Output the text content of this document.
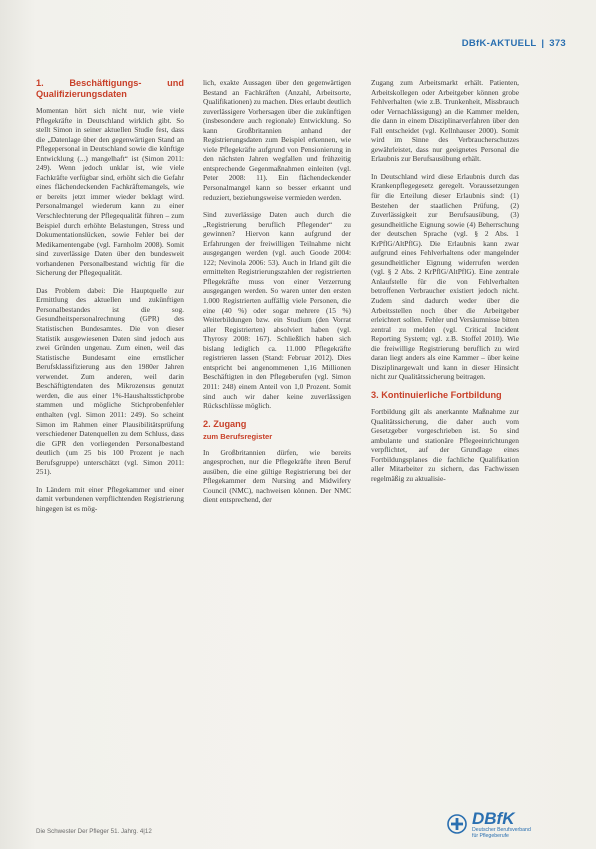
DBfK-AKTUELL | 373
1. Beschäftigungs- und Qualifizierungsdaten

Momentan hört sich nicht nur, wie viele Pflegekräfte in Deutschland wirklich gibt. So stellt Simon in seiner aktuellen Studie fest, dass die „Datenlage über den gegenwärtigen Stand an Pflegepersonal in Deutschland sowie die künftige Entwicklung (...) mangelhaft“ ist (Simon 2011: 249). Wenn jedoch unklar ist, wie viele Fachkräfte verfügbar sind, erhöht sich die Gefahr eines flächendeckenden Fachkräftemangels, wie er bereits jetzt immer wieder beklagt wird. Personalmangel wiederum kann zu einer Verschlechterung der Pflegequalität führen – zum Beispiel durch erhöhte Belastungen, Stress und Dokumentationslücken, sowie Fehler bei der Medikamentengabe (vgl. Farnholm 2008). Somit sind zuverlässige Daten über den bundesweit vorhandenen Personalbestand wichtig für die Sicherung der Pflegequalität.

Das Problem dabei: Die Hauptquelle zur Ermittlung des aktuellen und zukünftigen Personalbestandes ist die sog. Gesundheitspersonalrechnung (GPR) des Statistischen Bundesamtes. Die von dieser Statistik ausgewiesenen Daten sind jedoch aus zwei Gründen ungenau. Zum einen, weil das Statistische Bundesamt eine ernstlicher Berufsklassifizierung aus den 1980er Jahren verwendet. Zum anderen, weil darin Beschäftigtendaten des Mikrozensus genutzt werden, die aus einer 1%-Haushaltsstichprobe stammen und mögliche Stichprobenfehler enthalten (vgl. Simon 2011: 249). So scheint Simon im Rahmen einer Plausibilitätsprüfung verschiedener Datenquellen zu dem Schluss, dass die GPR den vorliegenden Personalbestand deutlich (um 25 bis 100 Prozent je nach Berufsgruppe) unterschätzt (vgl. Simon 2011: 251).

In Ländern mit einer Pflegekammer und einer damit verbundenen verpflichtenden Registrierung hingegen ist es mög-

lich, exakte Aussagen über den gegenwärtigen Bestand an Fachkräften (Anzahl, Arbeitsorte, Qualifikationen) zu machen. Dies erlaubt deutlich zuverlässigere Vorhersagen über die zukünftigen (insbesondere auch regionale) Entwicklung. So kann Großbritannien anhand der Registrierungsdaten zum Beispiel erkennen, wie viele Pflegekräfte aufgrund von Pensionierung in den nächsten Jahren wegfallen und frühzeitig entsprechende Gegenmaßnahmen einleiten (vgl. Peter 2008: 11). Ein flächendeckender Personalmangel kann so besser erkannt und reduziert, beziehungsweise vermieden werden.

Sind zuverlässige Daten auch durch die „Registrierung beruflich Pflegender“ zu gewinnen? Hiervon kann aufgrund der Erfahrungen der freiwilligen Teilnahme nicht ausgegangen werden (vgl. auch Goode 2004: 122; Nevinola 2006: 53). Auch in Irland gilt die ermittelten Registrierungszahlen der registrierten Pflegekräfte muss von einer Verzerrung ausgegangen werden. So waren unter den ersten 1.000 Registrierten auffällig viele Personen, die eine (40 %) oder sogar mehrere (15 %) Weiterbildungen bzw. ein Studium (den Vorrat aller Registrierten) absolviert haben (vgl. Thyrosy 2008: 167). Schließlich haben sich bislang lediglich ca. 11.000 Pflegekräfte registrieren lassen (Stand: Februar 2012). Dies entspricht bei angenommenen 1,16 Millionen Beschäftigten in den Pflegeberufen (vgl. Simon 2011: 248) einem Anteil von 1,0 Prozent. Somit sind auch wir daher keine zuverlässigen Rückschlüsse möglich.

2. Zugang
zum Berufsregister

In Großbritannien dürfen, wie bereits angesprochen, nur die Pflegekräfte ihren Beruf ausüben, die eine gültige Registrierung bei der Pflegekammer dem Nursing and Midwifery Council (NMC), nachweisen können. Der NMC dient entsprechend, der

Zugang zum Arbeitsmarkt erhält. Patienten, Arbeitskollegen oder Arbeitgeber können grobe Fehlverhalten (wie z.B. Trunkenheit, Missbrauch oder Vernachlässigung) an die Kammer melden, die dann in einem Disziplinarverfahren über den Fall entscheidet (vgl. Kellnhauser 2000). Somit wird im Sinne des Verbraucherschutzes gewährleistet, dass nur geeignetes Personal die Erlaubnis zur Berufsausübung erhält.

In Deutschland wird diese Erlaubnis durch das Krankenpflegegesetz geregelt. Voraussetzungen für die Erteilung dieser Erlaubnis sind: (1) Bestehen der staatlichen Prüfung, (2) Zuverlässigkeit zur Berufsausübung, (3) gesundheitliche Eignung sowie (4) Beherrschung der deutschen Sprache (vgl. § 2 Abs. 1 KrPflG/AltPflG). Die Erlaubnis kann zwar aufgrund eines Fehlverhaltens oder mangelnder gesundheitlicher Eignung widerrufen werden (vgl. § 2 Abs. 2 KrPflG/AltPflG). Eine zentrale Anlaufstelle für die von Fehlverhalten betroffenen Verbraucher existiert jedoch nicht. Zudem sind dadurch weder über die Arbeitsstellen noch über die Arbeitgeber erleichtert sollen. Fehler und Versäumnisse bitten zentral zu melden (vgl. Critical Incident Reporting System; vgl. z.B. Stoffel 2010). Wie die freiwillige Registrierung beruflich zu wird daran liegt anders als eine Kammer – über keine Disziplinargewalt und kann in dieser Hinsicht nicht zur Qualitätssicherung beitragen.

3. Kontinuierliche Fortbildung

Fortbildung gilt als anerkannte Maßnahme zur Qualitätssicherung, die daher auch vom Gesetzgeber vorgeschrieben ist. So sind ambulante und stationäre Pflegeeinrichtungen verpflichtet, auf der Grundlage eines Fortbildungsplanes die fachliche Qualifikation aller Mitarbeiter zu sichern, das Fachwissen regelmäßig zu aktualisie-

Die Schwester Der Pfleger 51. Jahrg. 4|12
DBfK
Deutscher Berufsverband
für Pflegeberufe
